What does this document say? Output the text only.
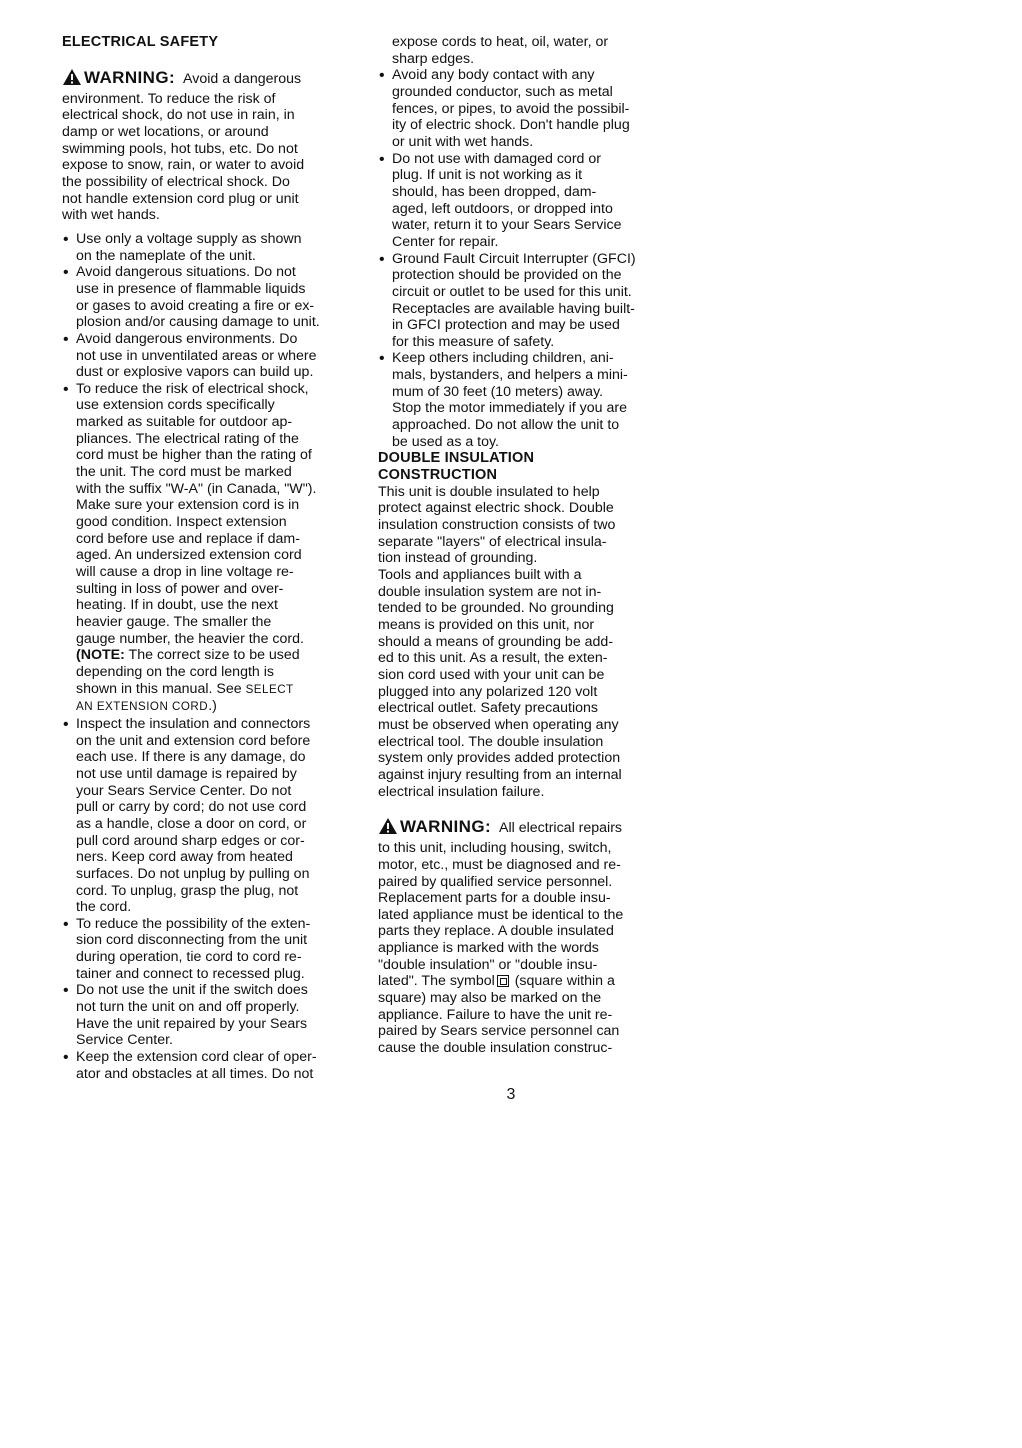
ELECTRICAL SAFETY
WARNING: Avoid a dangerous
environment. To reduce the risk of
electrical shock, do not use in rain, in
damp or wet locations, or around
swimming pools, hot tubs, etc. Do not
expose to snow, rain, or water to avoid
the possibility of electrical shock. Do
not handle extension cord plug or unit
with wet hands.
• Use only a voltage supply as shown
on the nameplate of the unit.
• Avoid dangerous situations. Do not
use in presence of flammable liquids
or gases to avoid creating a fire or ex-
plosion and/or causing damage to unit.
• Avoid dangerous environments. Do
not use in unventilated areas or where
dust or explosive vapors can build up.
• To reduce the risk of electrical shock,
use extension cords specifically
marked as suitable for outdoor ap-
pliances. The electrical rating of the
cord must be higher than the rating of
the unit. The cord must be marked
with the suffix "W-A" (in Canada, "W").
Make sure your extension cord is in
good condition. Inspect extension
cord before use and replace if dam-
aged. An undersized extension cord
will cause a drop in line voltage re-
sulting in loss of power and over-
heating. If in doubt, use the next
heavier gauge. The smaller the
gauge number, the heavier the cord.
(NOTE: The correct size to be used
depending on the cord length is
shown in this manual. See SELECT
AN EXTENSION CORD.)
• Inspect the insulation and connectors
on the unit and extension cord before
each use. If there is any damage, do
not use until damage is repaired by
your Sears Service Center. Do not
pull or carry by cord; do not use cord
as a handle, close a door on cord, or
pull cord around sharp edges or cor-
ners. Keep cord away from heated
surfaces. Do not unplug by pulling on
cord. To unplug, grasp the plug, not
the cord.
• To reduce the possibility of the exten-
sion cord disconnecting from the unit
during operation, tie cord to cord re-
tainer and connect to recessed plug.
• Do not use the unit if the switch does
not turn the unit on and off properly.
Have the unit repaired by your Sears
Service Center.
• Keep the extension cord clear of oper-
ator and obstacles at all times. Do not
expose cords to heat, oil, water, or
sharp edges.
• Avoid any body contact with any
grounded conductor, such as metal
fences, or pipes, to avoid the possibil-
ity of electric shock. Don't handle plug
or unit with wet hands.
• Do not use with damaged cord or
plug. If unit is not working as it
should, has been dropped, dam-
aged, left outdoors, or dropped into
water, return it to your Sears Service
Center for repair.
• Ground Fault Circuit Interrupter (GFCI)
protection should be provided on the
circuit or outlet to be used for this unit.
Receptacles are available having built-
in GFCI protection and may be used
for this measure of safety.
• Keep others including children, ani-
mals, bystanders, and helpers a mini-
mum of 30 feet (10 meters) away.
Stop the motor immediately if you are
approached. Do not allow the unit to
be used as a toy.
DOUBLE INSULATION
CONSTRUCTION
This unit is double insulated to help
protect against electric shock. Double
insulation construction consists of two
separate "layers" of electrical insula-
tion instead of grounding.
Tools and appliances built with a
double insulation system are not in-
tended to be grounded. No grounding
means is provided on this unit, nor
should a means of grounding be add-
ed to this unit. As a result, the exten-
sion cord used with your unit can be
plugged into any polarized 120 volt
electrical outlet. Safety precautions
must be observed when operating any
electrical tool. The double insulation
system only provides added protection
against injury resulting from an internal
electrical insulation failure.
WARNING: All electrical repairs
to this unit, including housing, switch,
motor, etc., must be diagnosed and re-
paired by qualified service personnel.
Replacement parts for a double insu-
lated appliance must be identical to the
parts they replace. A double insulated
appliance is marked with the words
"double insulation" or "double insu-
lated". The symbol (square within a
square) may also be marked on the
appliance. Failure to have the unit re-
paired by Sears service personnel can
cause the double insulation construc-
3
